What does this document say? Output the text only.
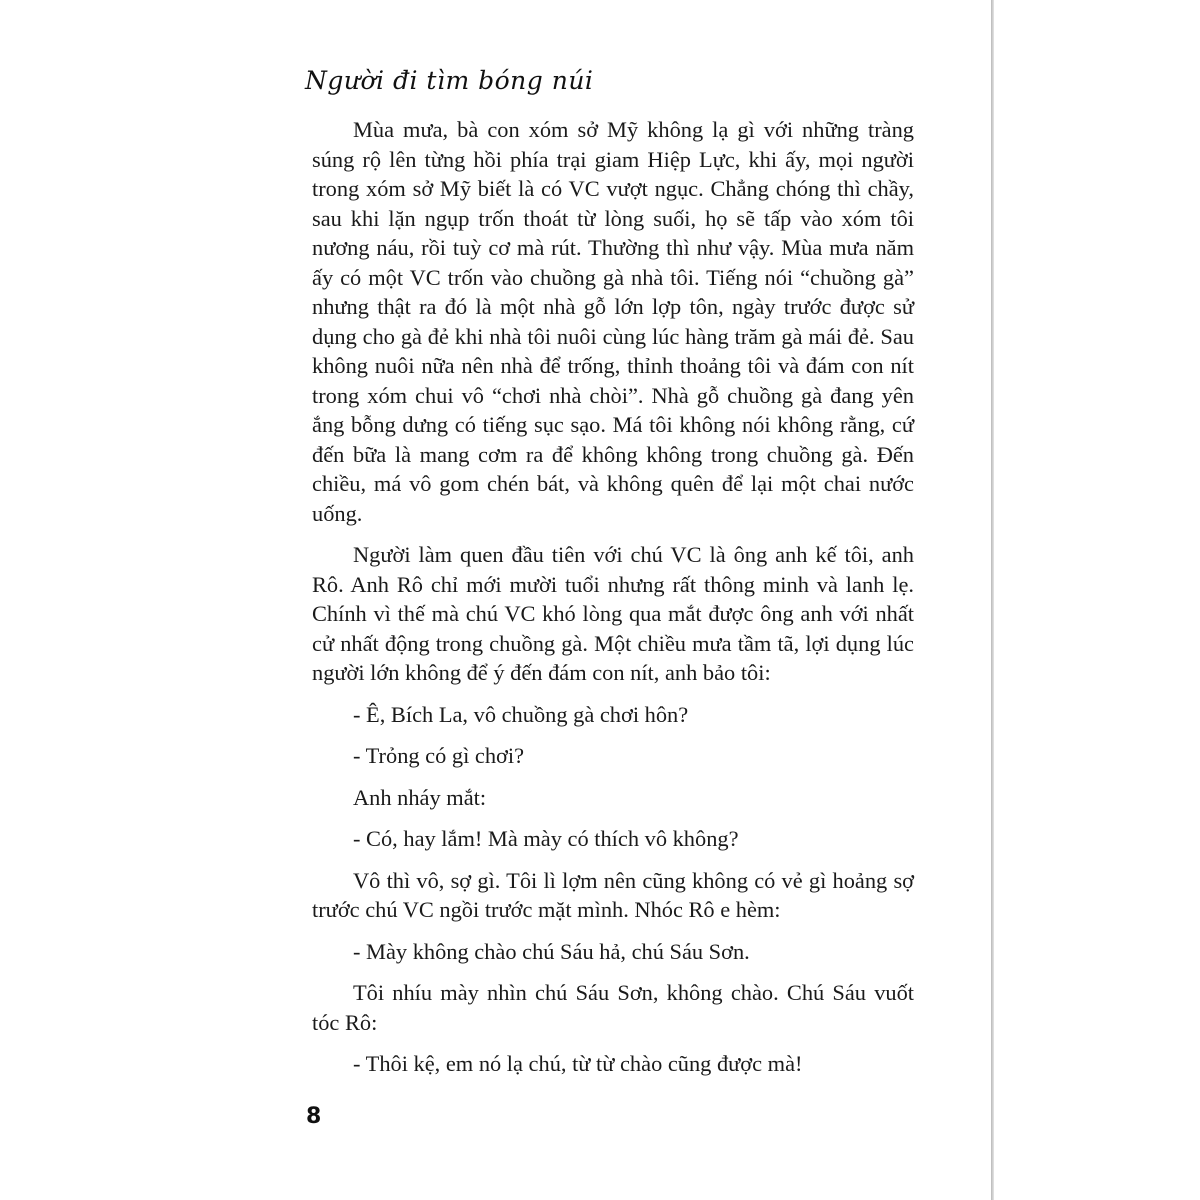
Người đi tìm bóng núi

Mùa mưa, bà con xóm sở Mỹ không lạ gì với những tràng súng rộ lên từng hồi phía trại giam Hiệp Lực, khi ấy, mọi người trong xóm sở Mỹ biết là có VC vượt ngục. Chẳng chóng thì chầy, sau khi lặn ngụp trốn thoát từ lòng suối, họ sẽ tấp vào xóm tôi nương náu, rồi tuỳ cơ mà rút. Thường thì như vậy. Mùa mưa năm ấy có một VC trốn vào chuồng gà nhà tôi. Tiếng nói “chuồng gà” nhưng thật ra đó là một nhà gỗ lớn lợp tôn, ngày trước được sử dụng cho gà đẻ khi nhà tôi nuôi cùng lúc hàng trăm gà mái đẻ. Sau không nuôi nữa nên nhà để trống, thỉnh thoảng tôi và đám con nít trong xóm chui vô “chơi nhà chòi”. Nhà gỗ chuồng gà đang yên ắng bỗng dưng có tiếng sục sạo. Má tôi không nói không rằng, cứ đến bữa là mang cơm ra để không không trong chuồng gà. Đến chiều, má vô gom chén bát, và không quên để lại một chai nước uống.

Người làm quen đầu tiên với chú VC là ông anh kế tôi, anh Rô. Anh Rô chỉ mới mười tuổi nhưng rất thông minh và lanh lẹ. Chính vì thế mà chú VC khó lòng qua mắt được ông anh với nhất cử nhất động trong chuồng gà. Một chiều mưa tầm tã, lợi dụng lúc người lớn không để ý đến đám con nít, anh bảo tôi:

- Ê, Bích La, vô chuồng gà chơi hôn?

- Trỏng có gì chơi?

Anh nháy mắt:

- Có, hay lắm! Mà mày có thích vô không?

Vô thì vô, sợ gì. Tôi lì lợm nên cũng không có vẻ gì hoảng sợ trước chú VC ngồi trước mặt mình. Nhóc Rô e hèm:

- Mày không chào chú Sáu hả, chú Sáu Sơn.

Tôi nhíu mày nhìn chú Sáu Sơn, không chào. Chú Sáu vuốt tóc Rô:

- Thôi kệ, em nó lạ chú, từ từ chào cũng được mà!

8
